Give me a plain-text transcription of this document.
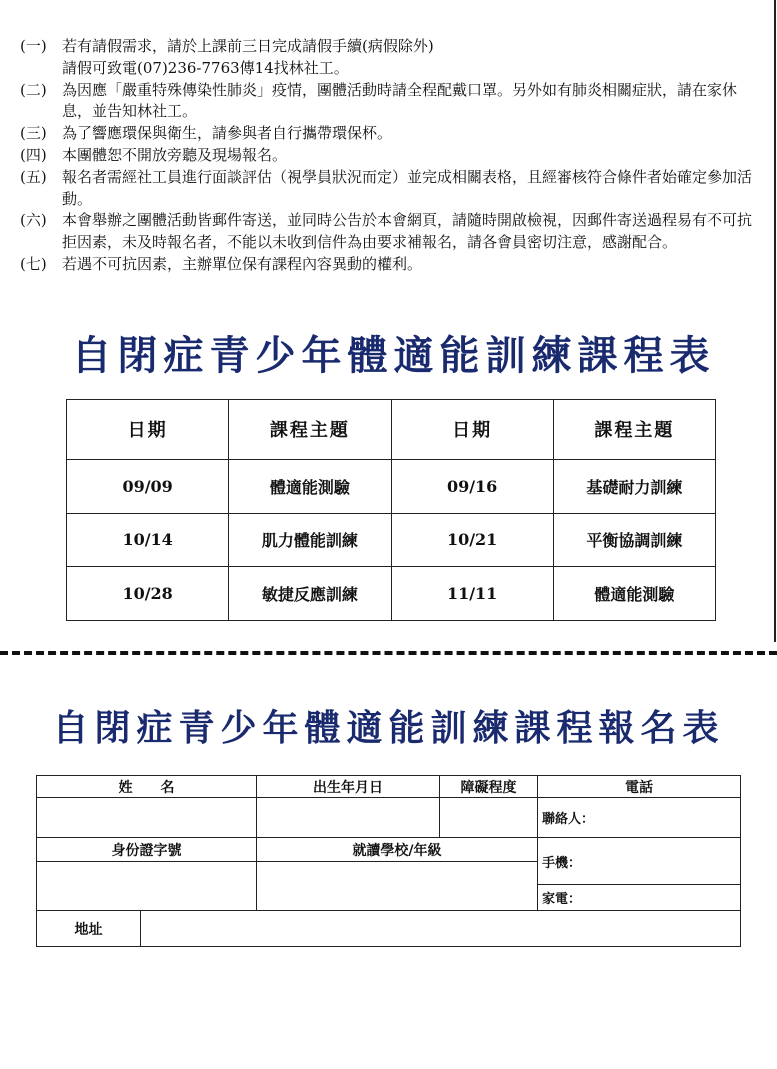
(一)	若有請假需求，請於上課前三日完成請假手續(病假除外)
請假可致電(07)236-7763傳14找林社工。
(二)	為因應「嚴重特殊傳染性肺炎」疫情，團體活動時請全程配戴口罩。另外如有肺炎相關症狀，請在家休息，並告知林社工。
(三)	為了響應環保與衛生，請參與者自行攜帶環保杯。
(四)	本團體恕不開放旁聽及現場報名。
(五)	報名者需經社工員進行面談評估（視學員狀況而定）並完成相關表格，且經審核符合條件者始確定參加活動。
(六)	本會舉辦之團體活動皆郵件寄送，並同時公告於本會網頁，請隨時開啟檢視，因郵件寄送過程易有不可抗拒因素，未及時報名者，不能以未收到信件為由要求補報名，請各會員密切注意，感謝配合。
(七)	若遇不可抗因素，主辦單位保有課程內容異動的權利。
自閉症青少年體適能訓練課程表
日期	課程主題	日期	課程主題
09/09	體適能測驗	09/16	基礎耐力訓練
10/14	肌力體能訓練	10/21	平衡協調訓練
10/28	敏捷反應訓練	11/11	體適能測驗
自閉症青少年體適能訓練課程報名表
姓　　名		出生年月日	障礙程度	電話
				聯絡人：
身份證字號		就讀學校/年級		手機：

				家電：
地址				
